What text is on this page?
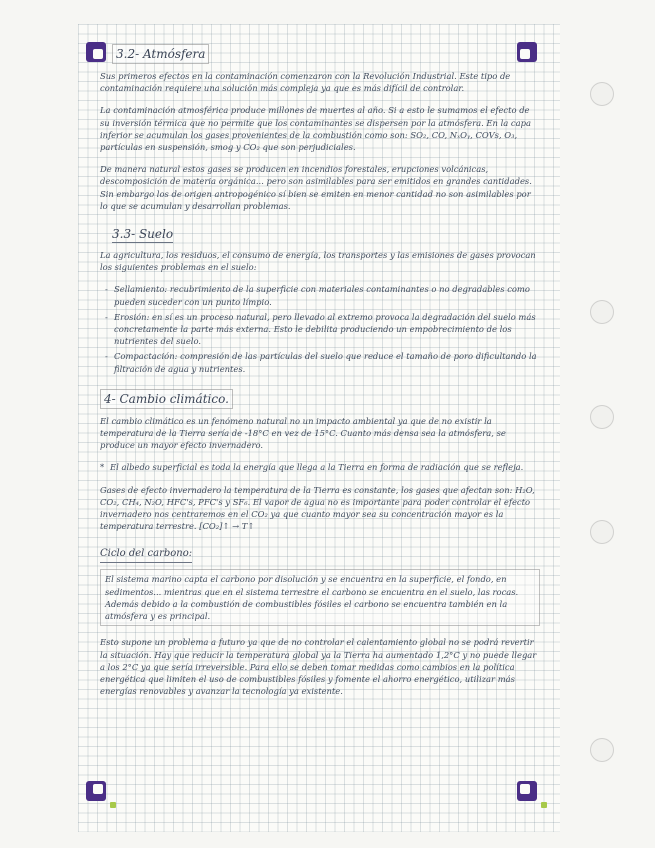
3.2- Atmósfera

Sus primeros efectos en la contaminación comenzaron con la Revolución Industrial. Este tipo de contaminación requiere una solución más compleja ya que es más difícil de controlar.

La contaminación atmosférica produce millones de muertes al año. Si a esto le sumamos el efecto de su inversión térmica que no permite que los contaminantes se dispersen por la atmósfera. En la capa inferior se acumulan los gases provenientes de la combustión como son: SO₂, CO, NₓOᵧ, COVs, O₃, partículas en suspensión, smog y CO₂ que son perjudiciales.

De manera natural estos gases se producen en incendios forestales, erupciones volcánicas, descomposición de materia orgánica... pero son asimilables para ser emitidos en grandes cantidades. Sin embargo los de origen antropogénico sí bien se emiten en menor cantidad no son asimilables por lo que se acumulan y desarrollan problemas.

3.3- Suelo

La agricultura, los residuos, el consumo de energía, los transportes y las emisiones de gases provocan los siguientes problemas en el suelo:

- Sellamiento: recubrimiento de la superficie con materiales contaminantes o no degradables como pueden suceder con un punto límpio.
- Erosión: en sí es un proceso natural, pero llevado al extremo provoca la degradación del suelo más concretamente la parte más externa. Esto le debilita produciendo un empobrecimiento de los nutrientes del suelo.
- Compactación: compresión de las partículas del suelo que reduce el tamaño de poro dificultando la filtración de agua y nutrientes.
4- Cambio climático.

El cambio climático es un fenómeno natural no un impacto ambiental ya que de no existir la temperatura de la Tierra sería de -18°C en vez de 15°C. Cuanto más densa sea la atmósfera, se produce un mayor efecto invernadero.

* El albedo superficial es toda la energía que llega a la Tierra en forma de radiación que se refleja.

Gases de efecto invernadero la temperatura de la Tierra es constante, los gases que afectan son: H₂O, CO₂, CH₄, N₂O, HFC's, PFC's y SF₆. El vapor de agua no es importante para poder controlar el efecto invernadero nos centraremos en el CO₂ ya que cuanto mayor sea su concentración mayor es la temperatura terrestre. [CO₂]↑ → T↑

Ciclo del carbono:
El sistema marino capta el carbono por disolución y se encuentra en la superficie, el fondo, en sedimentos... mientras que en el sistema terrestre el carbono se encuentra en el suelo, las rocas. Además debido a la combustión de combustibles fósiles el carbono se encuentra también en la atmósfera y es principal.

Esto supone un problema a futuro ya que de no controlar el calentamiento global no se podrá revertir la situación. Hay que reducir la temperatura global ya la Tierra ha aumentado 1,2°C y no puede llegar a los 2°C ya que sería irreversible. Para ello se deben tomar medidas como cambios en la política energética que limiten el uso de combustibles fósiles y fomente el ahorro energético, utilizar más energías renovables y avanzar la tecnología ya existente.
